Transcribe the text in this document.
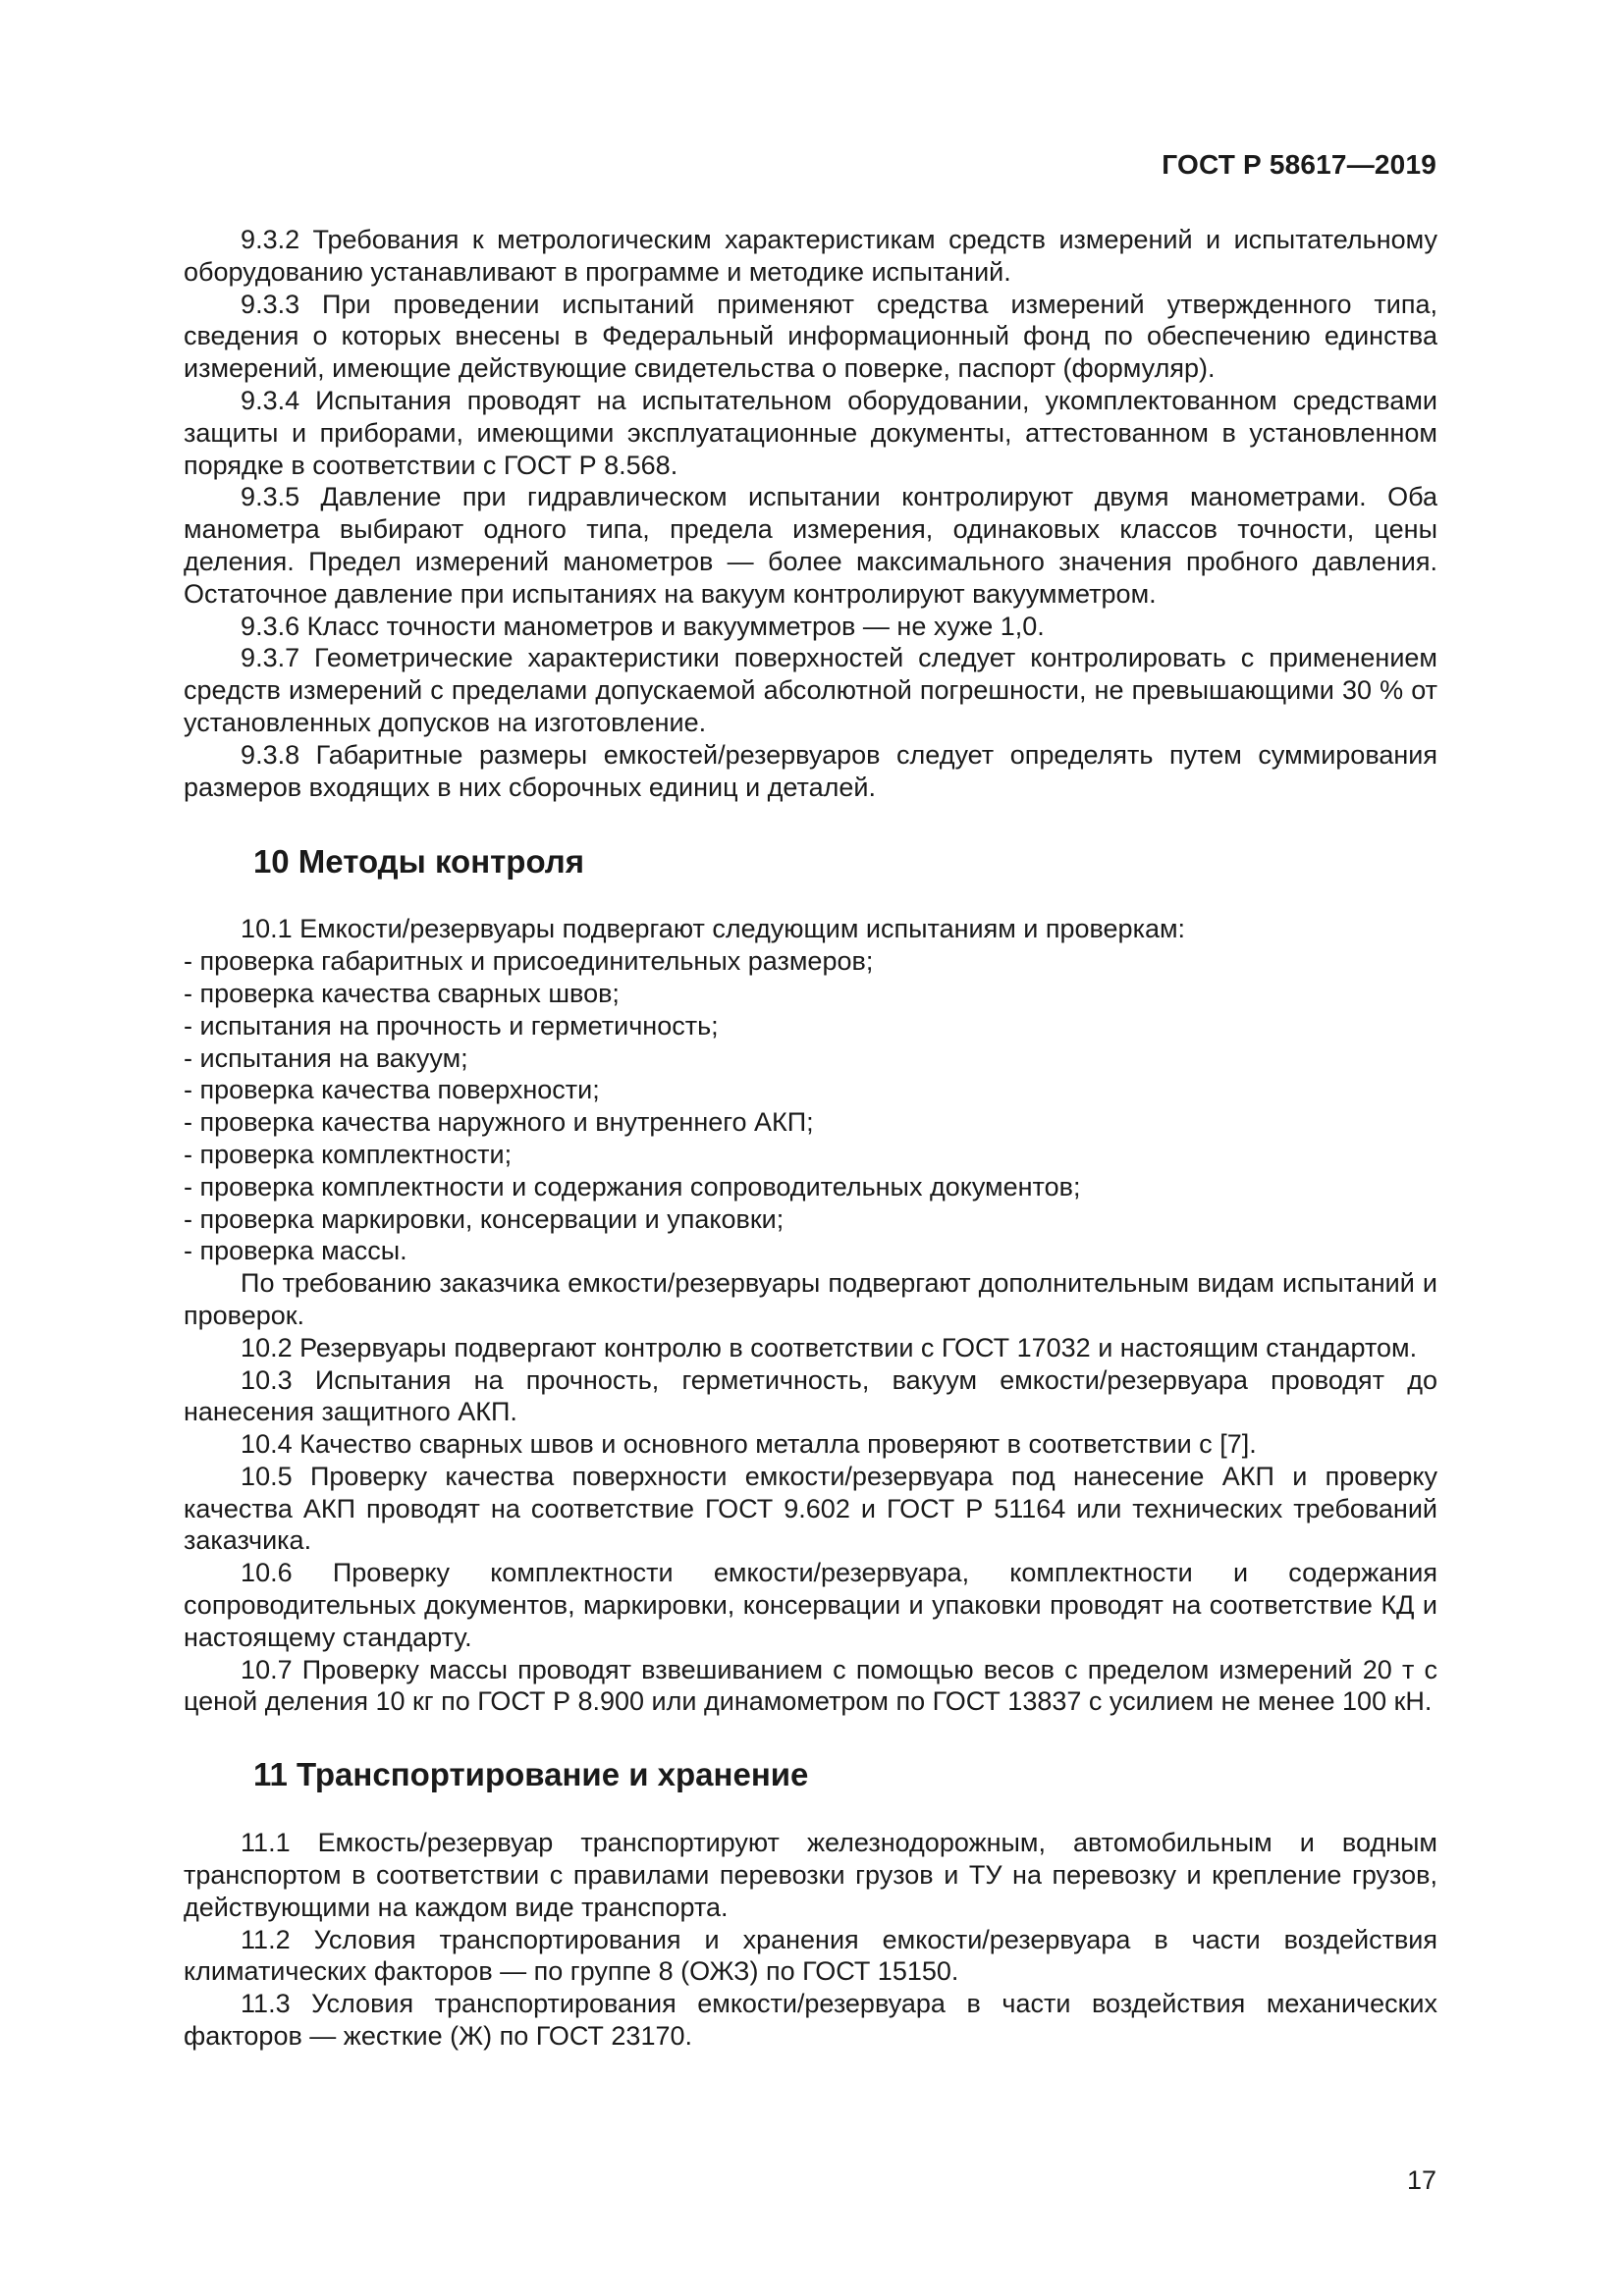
ГОСТ Р 58617—2019

9.3.2 Требования к метрологическим характеристикам средств измерений и испытательному оборудованию устанавливают в программе и методике испытаний.

9.3.3 При проведении испытаний применяют средства измерений утвержденного типа, сведения о которых внесены в Федеральный информационный фонд по обеспечению единства измерений, имеющие действующие свидетельства о поверке, паспорт (формуляр).

9.3.4 Испытания проводят на испытательном оборудовании, укомплектованном средствами защиты и приборами, имеющими эксплуатационные документы, аттестованном в установленном порядке в соответствии с ГОСТ Р 8.568.

9.3.5 Давление при гидравлическом испытании контролируют двумя манометрами. Оба манометра выбирают одного типа, предела измерения, одинаковых классов точности, цены деления. Предел измерений манометров — более максимального значения пробного давления. Остаточное давление при испытаниях на вакуум контролируют вакуумметром.

9.3.6 Класс точности манометров и вакуумметров — не хуже 1,0.

9.3.7 Геометрические характеристики поверхностей следует контролировать с применением средств измерений с пределами допускаемой абсолютной погрешности, не превышающими 30 % от установленных допусков на изготовление.

9.3.8 Габаритные размеры емкостей/резервуаров следует определять путем суммирования размеров входящих в них сборочных единиц и деталей.

10 Методы контроля

10.1 Емкости/резервуары подвергают следующим испытаниям и проверкам:

- проверка габаритных и присоединительных размеров;
- проверка качества сварных швов;
- испытания на прочность и герметичность;
- испытания на вакуум;
- проверка качества поверхности;
- проверка качества наружного и внутреннего АКП;
- проверка комплектности;
- проверка комплектности и содержания сопроводительных документов;
- проверка маркировки, консервации и упаковки;
- проверка массы.

По требованию заказчика емкости/резервуары подвергают дополнительным видам испытаний и проверок.

10.2 Резервуары подвергают контролю в соответствии с ГОСТ 17032 и настоящим стандартом.

10.3 Испытания на прочность, герметичность, вакуум емкости/резервуара проводят до нанесения защитного АКП.

10.4 Качество сварных швов и основного металла проверяют в соответствии с [7].

10.5 Проверку качества поверхности емкости/резервуара под нанесение АКП и проверку качества АКП проводят на соответствие ГОСТ 9.602 и ГОСТ Р 51164 или технических требований заказчика.

10.6 Проверку комплектности емкости/резервуара, комплектности и содержания сопроводительных документов, маркировки, консервации и упаковки проводят на соответствие КД и настоящему стандарту.

10.7 Проверку массы проводят взвешиванием с помощью весов с пределом измерений 20 т с ценой деления 10 кг по ГОСТ Р 8.900 или динамометром по ГОСТ 13837 с усилием не менее 100 кН.

11 Транспортирование и хранение

11.1 Емкость/резервуар транспортируют железнодорожным, автомобильным и водным транспортом в соответствии с правилами перевозки грузов и ТУ на перевозку и крепление грузов, действующими на каждом виде транспорта.

11.2 Условия транспортирования и хранения емкости/резервуара в части воздействия климатических факторов — по группе 8 (ОЖЗ) по ГОСТ 15150.

11.3 Условия транспортирования емкости/резервуара в части воздействия механических факторов — жесткие (Ж) по ГОСТ 23170.

17
